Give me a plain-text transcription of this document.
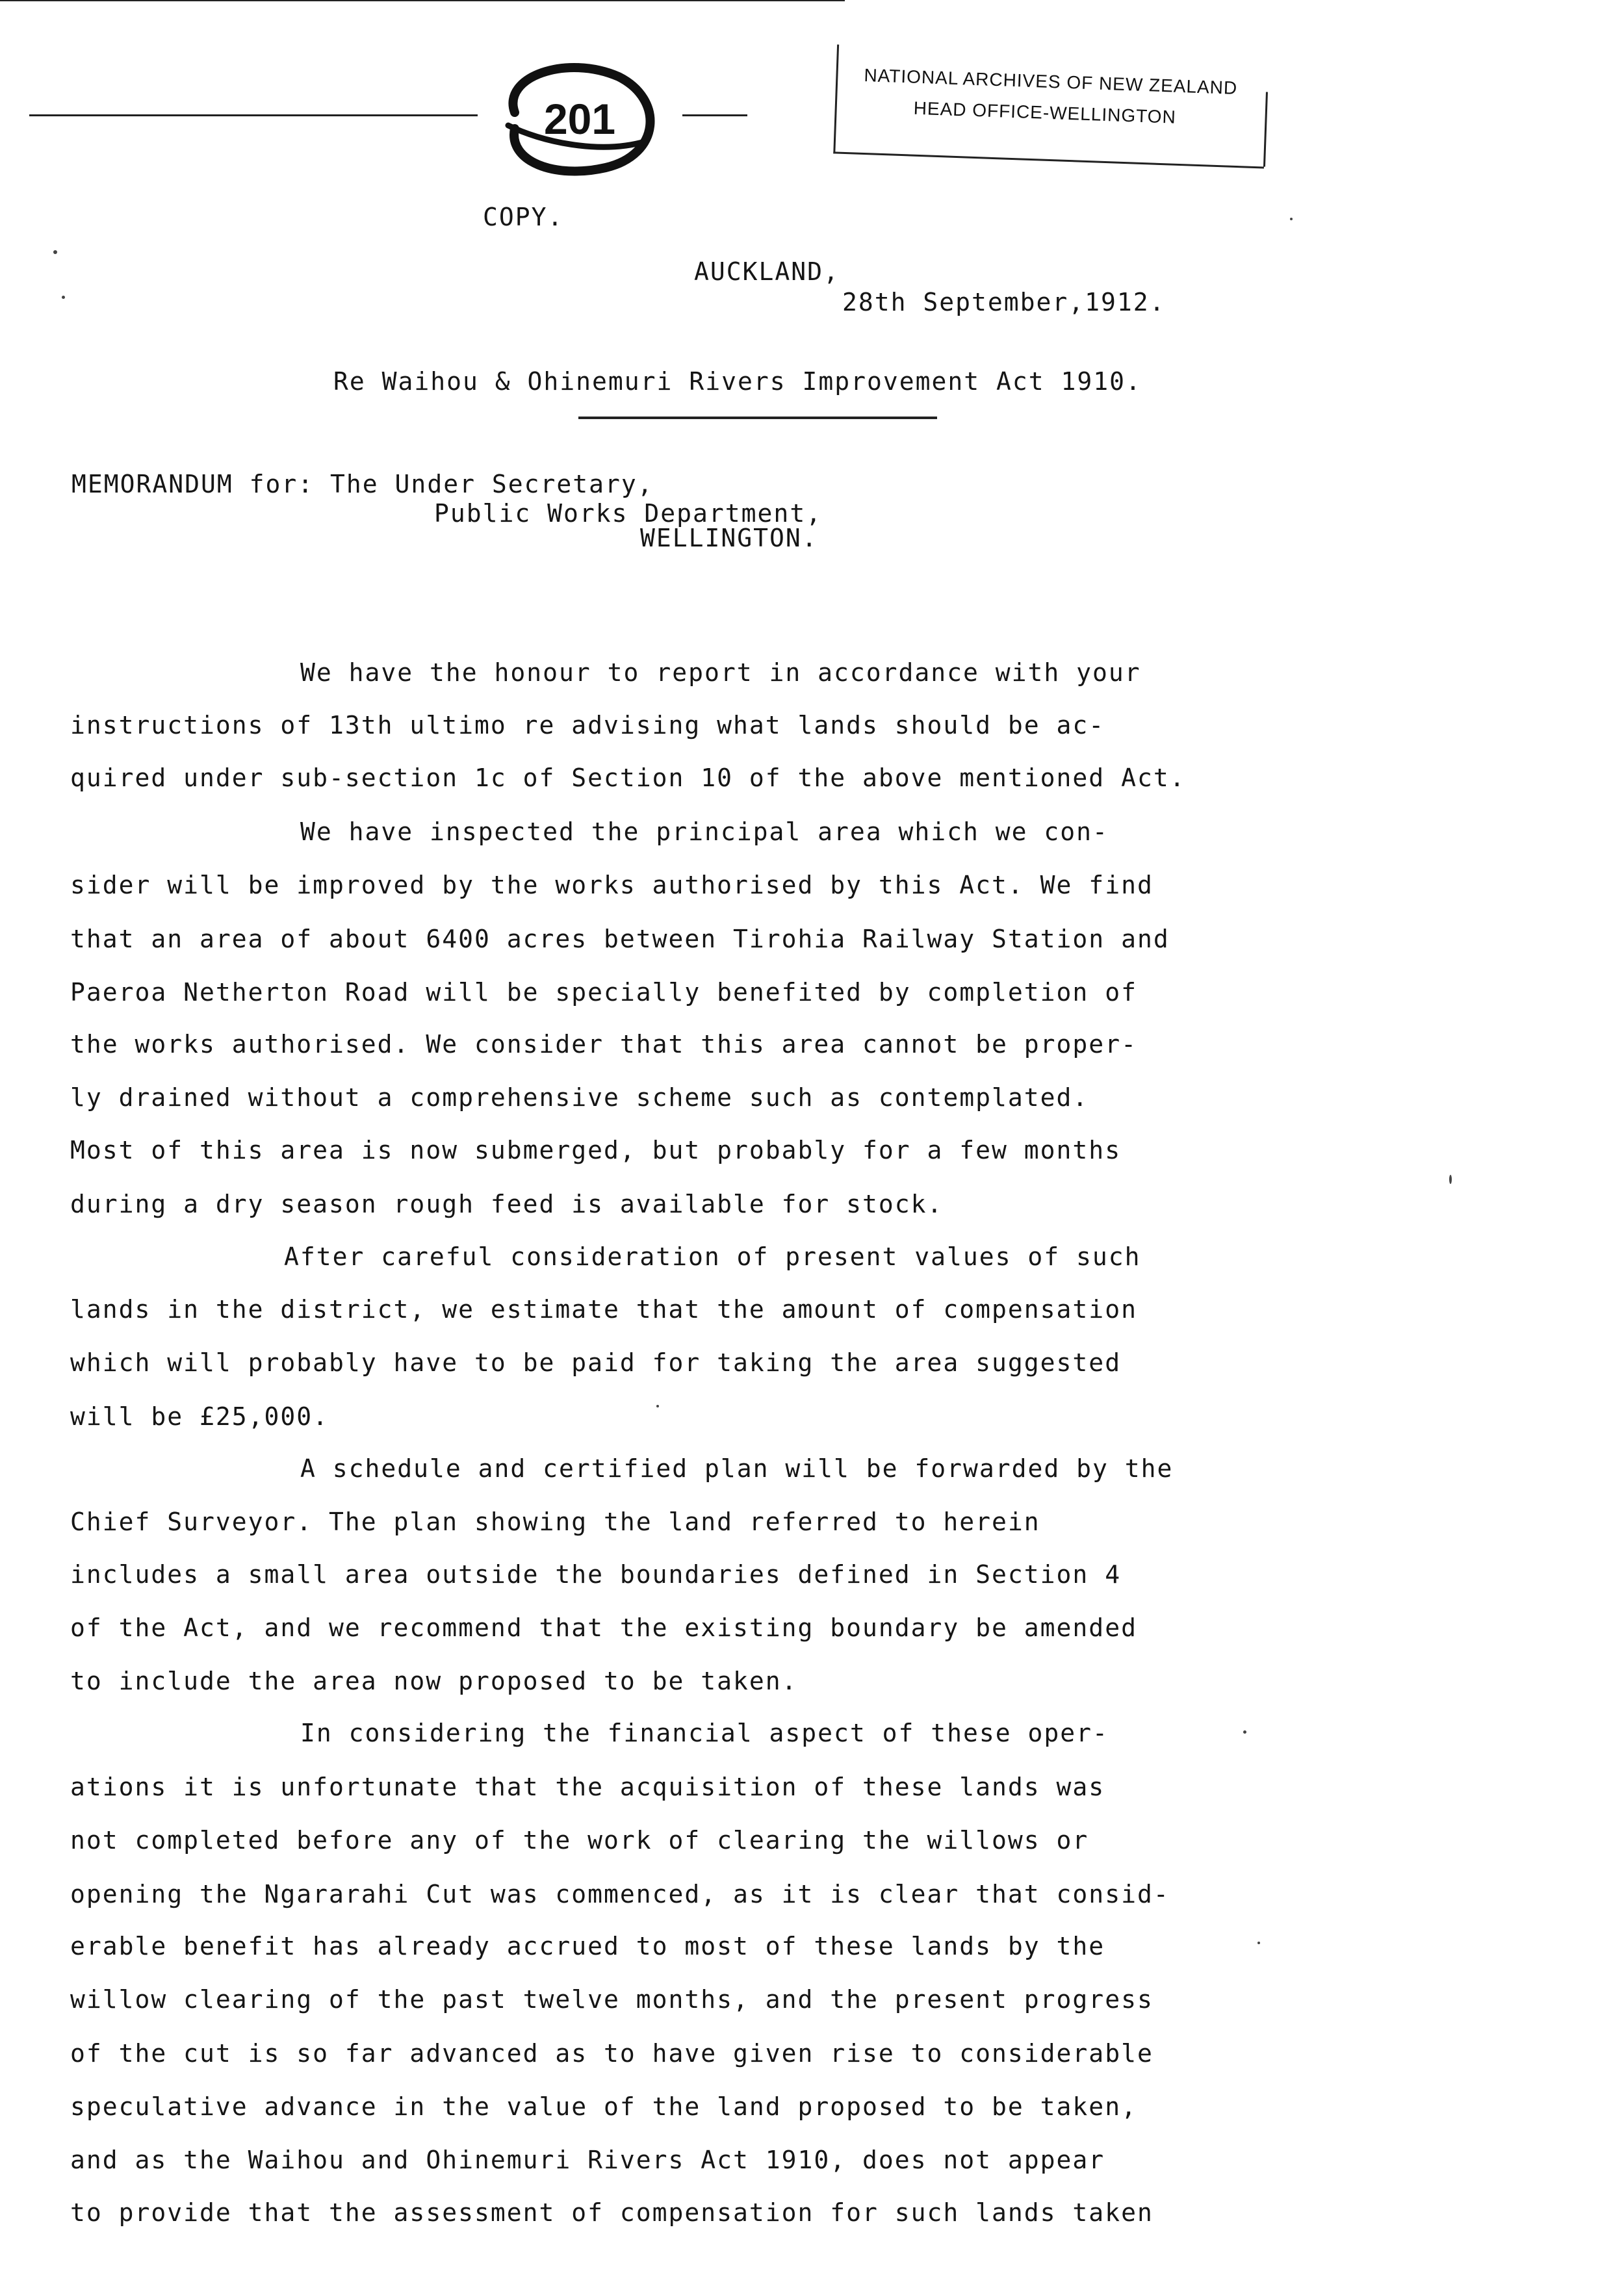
201
NATIONAL ARCHIVES OF NEW ZEALAND
HEAD OFFICE-WELLINGTON
COPY.
AUCKLAND,
28th September,1912.
Re Waihou & Ohinemuri Rivers Improvement Act 1910.
MEMORANDUM for: The Under Secretary,
Public Works Department,
WELLINGTON.
We have the honour to report in accordance with your
instructions of 13th ultimo re advising what lands should be ac-
quired under sub-section 1c of Section 10 of the above mentioned Act.
We have inspected the principal area which we con-
sider will be improved by the works authorised by this Act. We find
that an area of about 6400 acres between Tirohia Railway Station and
Paeroa Netherton Road will be specially benefited by completion of
the works authorised. We consider that this area cannot be proper-
ly drained without a comprehensive scheme such as contemplated.
Most of this area is now submerged, but probably for a few months
during a dry season rough feed is available for stock.
After careful consideration of present values of such
lands in the district, we estimate that the amount of compensation
which will probably have to be paid for taking the area suggested
will be £25,000.
A schedule and certified plan will be forwarded by the
Chief Surveyor. The plan showing the land referred to herein
includes a small area outside the boundaries defined in Section 4
of the Act, and we recommend that the existing boundary be amended
to include the area now proposed to be taken.
In considering the financial aspect of these oper-
ations it is unfortunate that the acquisition of these lands was
not completed before any of the work of clearing the willows or
opening the Ngararahi Cut was commenced, as it is clear that consid-
erable benefit has already accrued to most of these lands by the
willow clearing of the past twelve months, and the present progress
of the cut is so far advanced as to have given rise to considerable
speculative advance in the value of the land proposed to be taken,
and as the Waihou and Ohinemuri Rivers Act 1910, does not appear
to provide that the assessment of compensation for such lands taken
